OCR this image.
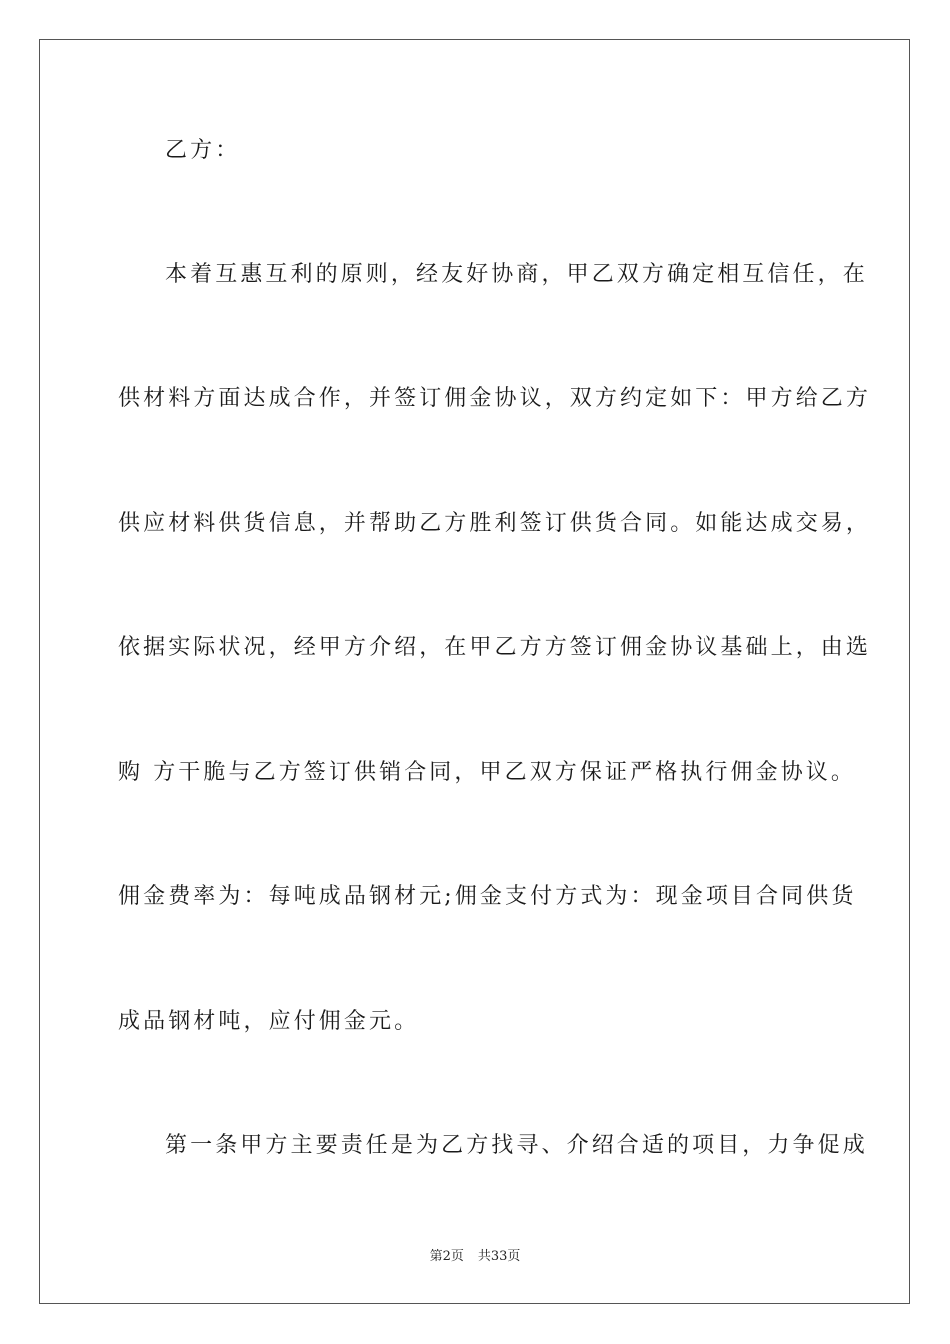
乙方：
本着互惠互利的原则，经友好协商，甲乙双方确定相互信任，在
供材料方面达成合作，并签订佣金协议，双方约定如下：甲方给乙方
供应材料供货信息，并帮助乙方胜利签订供货合同。如能达成交易，
依据实际状况，经甲方介绍，在甲乙方方签订佣金协议基础上，由选
购 方干脆与乙方签订供销合同，甲乙双方保证严格执行佣金协议。
佣金费率为：每吨成品钢材元;佣金支付方式为：现金项目合同供货
成品钢材吨，应付佣金元。
第一条甲方主要责任是为乙方找寻、介绍合适的项目，力争促成
第2页 共33页
